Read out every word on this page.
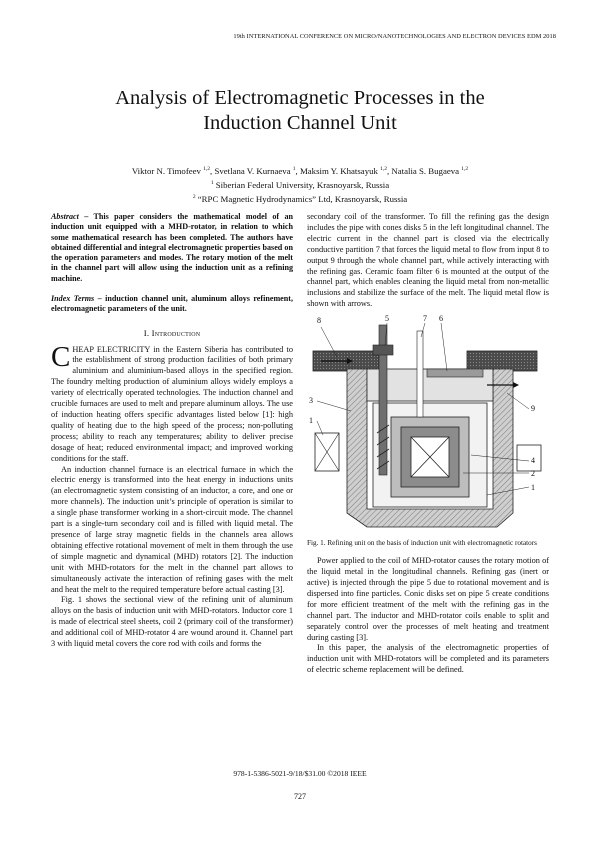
19th INTERNATIONAL CONFERENCE ON MICRO/NANOTECHNOLOGIES AND ELECTRON DEVICES EDM 2018
Analysis of Electromagnetic Processes in the
Induction Channel Unit
Viktor N. Timofeev $^{1,2}$, Svetlana V. Kurnaeva $^1$, Maksim Y. Khatsayuk $^{1,2}$, Natalia S. Bugaeva $^{1,2}$
$^1$ Siberian Federal University, Krasnoyarsk, Russia
$^2$ “RPC Magnetic Hydrodynamics” Ltd, Krasnoyarsk, Russia

Abstract – This paper considers the mathematical model of an induction unit equipped with a MHD-rotator, in relation to which some mathematical research has been completed. The authors have obtained differential and integral electromagnetic properties based on the operation parameters and modes. The rotary motion of the melt in the channel part will allow using the induction unit as a refining machine.

Index Terms – induction channel unit, aluminum alloys refinement, electromagnetic parameters of the unit.

I. Introduction

CHEAP ELECTRICITY in the Eastern Siberia has contributed to the establishment of strong production facilities of both primary aluminium and aluminium-based alloys in the specified region. The foundry melting production of aluminium alloys widely employs a variety of electrically operated technologies. The induction channel and crucible furnaces are used to melt and prepare aluminum alloys. The use of induction heating offers specific advantages listed below [1]: high quality of heating due to the high speed of the process; non-polluting process; ability to reach any temperatures; ability to deliver precise dosage of heat; reduced environmental impact; and improved working conditions for the staff.

An induction channel furnace is an electrical furnace in which the electric energy is transformed into the heat energy in inductions units (an electromagnetic system consisting of an inductor, a core, and one or more channels). The induction unit’s principle of operation is similar to a single phase transformer working in a short-circuit mode. The channel part is a single-turn secondary coil and is filled with liquid metal. The presence of large stray magnetic fields in the channels area allows obtaining effective rotational movement of melt in them through the use of simple magnetic and dynamical (MHD) rotators [2]. The induction unit with MHD-rotators for the melt in the channel part allows to simultaneously activate the interaction of refining gases with the melt and heat the melt to the required temperature before actual casting [3].

Fig. 1 shows the sectional view of the refining unit of aluminum alloys on the basis of induction unit with MHD-rotators. Inductor core 1 is made of electrical steel sheets, coil 2 (primary coil of the transformer) and additional coil of MHD-rotator 4 are wound around it. Channel part 3 with liquid metal covers the core rod with coils and forms the

secondary coil of the transformer. To fill the refining gas the design includes the pipe with cones disks 5 in the left longitudinal channel. The electric current in the channel part is closed via the electrically conductive partition 7 that forces the liquid metal to flow from input 8 to output 9 through the whole channel part, while actively interacting with the refining gas. Ceramic foam filter 6 is mounted at the output of the channel part, which enables cleaning the liquid metal from non-metallic inclusions and stabilize the surface of the melt. The liquid metal flow is shown with arrows.

8	5	7 6
3
9
1
4
2
1

Fig. 1. Refining unit on the basis of induction unit with electromagnetic rotators

Power applied to the coil of MHD-rotator causes the rotary motion of the liquid metal in the longitudinal channels. Refining gas (inert or active) is injected through the pipe 5 due to rotational movement and is dispersed into fine particles. Conic disks set on pipe 5 create conditions for more efficient treatment of the melt with the refining gas in the channel part. The inductor and MHD-rotator coils enable to split and separately control over the processes of melt heating and treatment during casting [3].

In this paper, the analysis of the electromagnetic properties of induction unit with MHD-rotators will be completed and its parameters of electric scheme replacement will be defined.

978-1-5386-5021-9/18/$31.00 ©2018 IEEE
727
